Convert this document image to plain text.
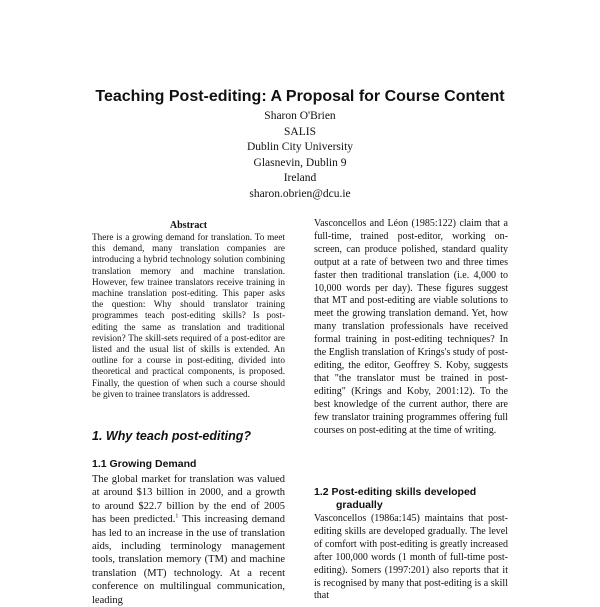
Teaching Post-editing: A Proposal for Course Content
Sharon O'Brien
SALIS
Dublin City University
Glasnevin, Dublin 9
Ireland
sharon.obrien@dcu.ie
Abstract
There is a growing demand for translation. To meet this demand, many translation companies are introducing a hybrid technology solution combining translation memory and machine translation. However, few trainee translators receive training in machine translation post-editing. This paper asks the question: Why should translator training programmes teach post-editing skills? Is post-editing the same as translation and traditional revision? The skill-sets required of a post-editor are listed and the usual list of skills is extended. An outline for a course in post-editing, divided into theoretical and practical components, is proposed. Finally, the question of when such a course should be given to trainee translators is addressed.
1. Why teach post-editing?
1.1 Growing Demand
The global market for translation was valued at around $13 billion in 2000, and a growth to around $22.7 billion by the end of 2005 has been predicted.$^1$ This increasing demand has led to an increase in the use of translation aids, including terminology management tools, translation memory (TM) and machine translation (MT) technology. At a recent conference on multilingual communication, leading
Vasconcellos and Léon (1985:122) claim that a full-time, trained post-editor, working on-screen, can produce polished, standard quality output at a rate of between two and three times faster then traditional translation (i.e. 4,000 to 10,000 words per day). These figures suggest that MT and post-editing are viable solutions to meet the growing translation demand. Yet, how many translation professionals have received formal training in post-editing techniques? In the English translation of Krings's study of post-editing, the editor, Geoffrey S. Koby, suggests that "the translator must be trained in post-editing" (Krings and Koby, 2001:12). To the best knowledge of the current author, there are few translator training programmes offering full courses on post-editing at the time of writing.
1.2 Post-editing skills developed
gradually
Vasconcellos (1986a:145) maintains that post-editing skills are developed gradually. The level of comfort with post-editing is greatly increased after 100,000 words (1 month of full-time post-editing). Somers (1997:201) also reports that it is recognised by many that post-editing is a skill that
